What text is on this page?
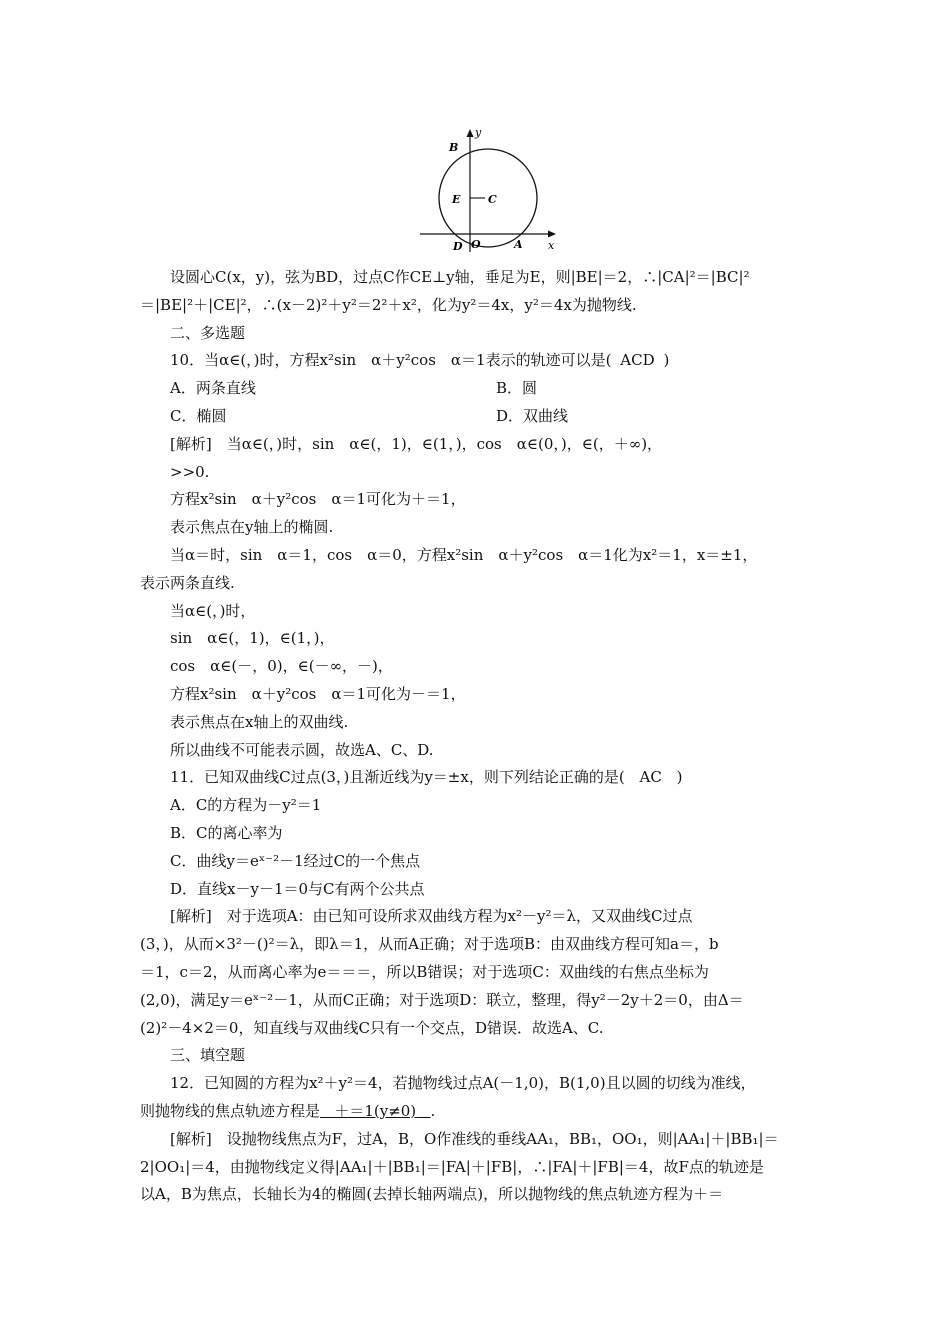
y
B
E	C
O
D	A x
设圆心C(x，y)，弦为BD，过点C作CE⊥y轴，垂足为E，则|BE|＝2，∴|CA|²＝|BC|²
＝|BE|²＋|CE|²，∴(x－2)²＋y²＝2²＋x²，化为y²＝4x，y²＝4x为抛物线.
二、多选题
10．当α∈(，)时，方程x²sin　α＋y²cos　α＝1表示的轨迹可以是( ACD )
A．两条直线	B．圆
C．椭圆	D．双曲线
[解析]　当α∈(，)时，sin　α∈(，1)，∈(1，)，cos　α∈(0，)，∈(，＋∞)，
>>0.
方程x²sin　α＋y²cos　α＝1可化为＋＝1，
表示焦点在y轴上的椭圆.
当α＝时，sin　α＝1，cos　α＝0，方程x²sin　α＋y²cos　α＝1化为x²＝1，x＝±1，
表示两条直线.
当α∈(，)时，
sin　α∈(，1)，∈(1，)，
cos　α∈(－，0)，∈(－∞，－)，
方程x²sin　α＋y²cos　α＝1可化为－＝1，
表示焦点在x轴上的双曲线.
所以曲线不可能表示圆，故选A、C、D.
11．已知双曲线C过点(3，)且渐近线为y＝±x，则下列结论正确的是( AC )
A．C的方程为－y²＝1
B．C的离心率为
C．曲线y＝eˣ⁻²－1经过C的一个焦点
D．直线x－y－1＝0与C有两个公共点
[解析]　对于选项A：由已知可设所求双曲线方程为x²－y²＝λ，又双曲线C过点
(3，)，从而×3²－()²＝λ，即λ＝1，从而A正确；对于选项B：由双曲线方程可知a＝，b
＝1，c＝2，从而离心率为e＝＝＝，所以B错误；对于选项C：双曲线的右焦点坐标为
(2,0)，满足y＝eˣ⁻²－1，从而C正确；对于选项D：联立，整理，得y²－2y＋2＝0，由Δ＝
(2)²－4×2＝0，知直线与双曲线C只有一个交点，D错误．故选A、C.
三、填空题
12．已知圆的方程为x²＋y²＝4，若抛物线过点A(－1,0)，B(1,0)且以圆的切线为准线，
则抛物线的焦点轨迹方程是 ＋＝1(y≠0) .
[解析]　设抛物线焦点为F，过A，B，O作准线的垂线AA₁，BB₁，OO₁，则|AA₁|＋|BB₁|＝
2|OO₁|＝4，由抛物线定义得|AA₁|＋|BB₁|＝|FA|＋|FB|，∴|FA|＋|FB|＝4，故F点的轨迹是
以A，B为焦点，长轴长为4的椭圆(去掉长轴两端点)，所以抛物线的焦点轨迹方程为＋＝
